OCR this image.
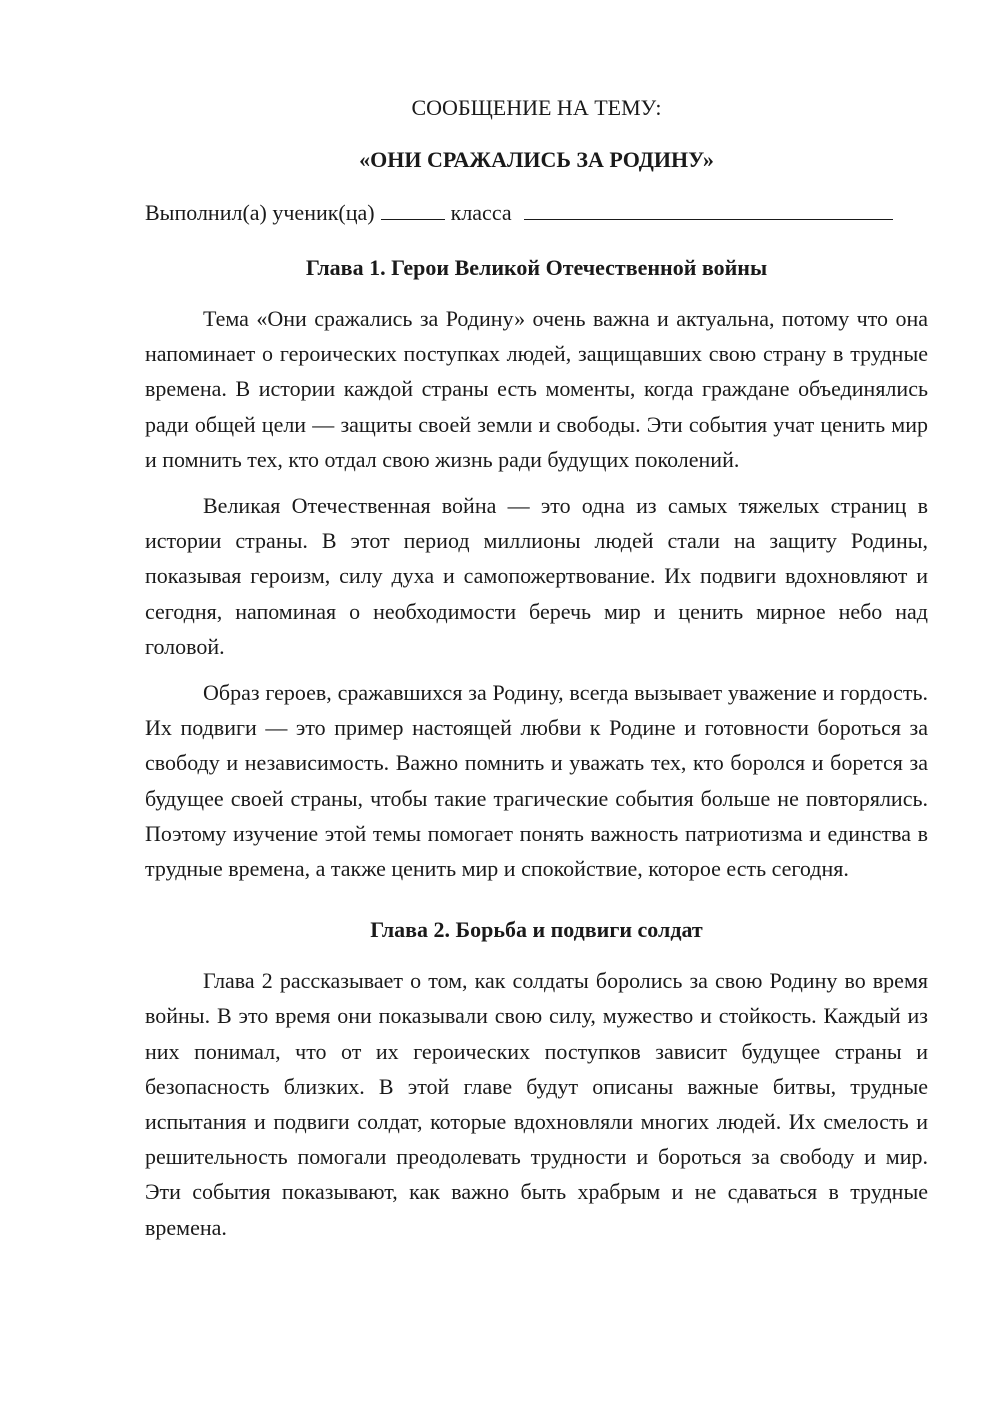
СООБЩЕНИЕ НА ТЕМУ:

«ОНИ СРАЖАЛИСЬ ЗА РОДИНУ»

Выполнил(а) ученик(ца)	класса

Глава 1. Герои Великой Отечественной войны

Тема «Они сражались за Родину» очень важна и актуальна, потому что она напоминает о героических поступках людей, защищавших свою страну в трудные времена. В истории каждой страны есть моменты, когда граждане объединялись ради общей цели — защиты своей земли и свободы. Эти события учат ценить мир и помнить тех, кто отдал свою жизнь ради будущих поколений.

Великая Отечественная война — это одна из самых тяжелых страниц в истории страны. В этот период миллионы людей стали на защиту Родины, показывая героизм, силу духа и самопожертвование. Их подвиги вдохновляют и сегодня, напоминая о необходимости беречь мир и ценить мирное небо над головой.

Образ героев, сражавшихся за Родину, всегда вызывает уважение и гордость. Их подвиги — это пример настоящей любви к Родине и готовности бороться за свободу и независимость. Важно помнить и уважать тех, кто боролся и борется за будущее своей страны, чтобы такие трагические события больше не повторялись. Поэтому изучение этой темы помогает понять важность патриотизма и единства в трудные времена, а также ценить мир и спокойствие, которое есть сегодня.

Глава 2. Борьба и подвиги солдат

Глава 2 рассказывает о том, как солдаты боролись за свою Родину во время войны. В это время они показывали свою силу, мужество и стойкость. Каждый из них понимал, что от их героических поступков зависит будущее страны и безопасность близких. В этой главе будут описаны важные битвы, трудные испытания и подвиги солдат, которые вдохновляли многих людей. Их смелость и решительность помогали преодолевать трудности и бороться за свободу и мир. Эти события показывают, как важно быть храбрым и не сдаваться в трудные времена.
